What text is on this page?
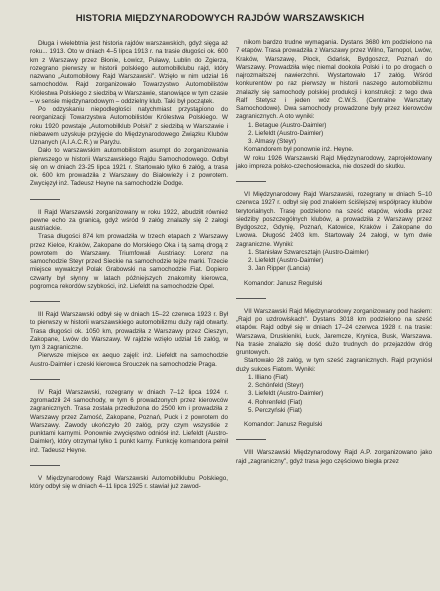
HISTORIA MIĘDZYNARODOWYCH RAJDÓW WARSZAWSKICH

Długa i wielebtnia jest historia rajdów warszawskich, gdyż sięga aż roku... 1913. Oto w dniach 4–5 lipca 1913 r. na trasie długości ok. 600 km z Warszawy przez Błonie, Łowicz, Puławy, Lublin do Zgierza, rozegrano pierwszy w historii polskiego automobilklubu rajd, który nazwano „Automobilowy Rajd Warszawski". Wzięło w nim udział 16 samochodów. Rajd zorganizowało Towarzystwo Automobilistów Królestwa Polskiego z siedzibą w Warszawie, stanowiące w tym czasie – w sensie międzynarodowym – oddzielny klub. Taki był początek.

Po odzyskaniu niepodległości natychmiast przystąpiono do reorganizacji Towarzystwa Automobilistów Królestwa Polskiego. W roku 1920 powstaje „Automobilklub Polski" z siedzibą w Warszawie i niebawem uzyskuje przyjęcie do Międzynarodowego Związku Klubów Uznanych (A.I.A.C.R.) w Paryżu.

Dało to warszawskim automobilistom asumpt do zorganizowania pierwszego w historii Warszawskiego Rajdu Samochodowego. Odbył się on w dniach 23-25 lipca 1921 r. Startowało tylko 6 załóg, a trasa ok. 600 km prowadziła z Warszawy do Białowieży i z powrotem. Zwycięzył inż. Tadeusz Heyne na samochodzie Dodge.

II Rajd Warszawski zorganizowany w roku 1922, abudziłt również pewne echo za granicą, gdyż wśród 9 załóg znalazły się 2 załogi austriackie.

Trasa długości 874 km prowadziła w trzech etapach z Warszawy przez Kielce, Kraków, Zakopane do Morskiego Oka i tą samą drogą z powrotem do Warszawy. Triumfowali Austriacy: Lorenz na samochodzie Steyr przed Sieckie na samochodzie tejże marki. Trzecie miejsce wywalczył Polak Grabowski na samochodzie Fiat. Dopiero czwarty był słynny w latach późniejszych znakomity kierowca, pogromca rekordów szybkości, inż. Liefeldt na samochodzie Opel.

III Rajd Warszawski odbył się w dniach 15–22 czerwca 1923 r. Był to pierwszy w historii warszawskiego automobilizmu duży rajd otwarty. Trasa długości ok. 1050 km, prowadziła z Warszawy przez Cieszyn, Zakopane, Lwów do Warszawy. W rajdzie wzięło udział 16 załóg, w tym 3 zagraniczne.

Pierwsze miejsce ex aequo zajęli: inż. Liefeldt na samochodzie Austro-Daimler i czeski kierowca Srouczek na samochodzie Praga.

IV Rajd Warszawski, rozegrany w dniach 7–12 lipca 1924 r. zgromadził 24 samochody, w tym 6 prowadzonych przez kierowców zagranicznych. Trasa została przedłużona do 2500 km i prowadziła z Warszawy przez Zamość, Zakopane, Poznań, Puck i z powrotem do Warszawy. Zawody ukończyło 20 załóg, przy czym wszystkie z punktami karnymi. Ponownie zwycięstwo odniósł inż. Liefeldt (Austro-Daimler), który otrzymał tylko 1 punkt karny. Funkcję komandora pełnił inż. Tadeusz Heyne.

V Międzynarodowy Rajd Warszawski Automobilklubu Polskiego, który odbył się w dniach 4–11 lipca 1925 r. stawiał już zawod-

nikom bardzo trudne wymagania. Dystans 3680 km podzielono na 7 etapów. Trasa prowadziła z Warszawy przez Wilno, Tarnopol, Lwów, Kraków, Warszawę, Płock, Gdańsk, Bydgoszcz, Poznań do Warszawy. Prowadziła więc niemal dookoła Polski i to po drogach o najrozmaitszej nawierzchni. Wystartowało 17 załóg. Wśród konkurentów po raz pierwszy w historii naszego automobilizmu znalazły się samochody polskiej produkcji i konstrukcji: z tego dwa Ralf Stetysz i jeden wóz C.W.S. (Centralne Warsztaty Samochodowe). Dwa samochody prowadzone były przez kierowców zagranicznych. A oto wyniki:

1. Betague (Austro-Daimler)
2. Liefeldt (Austro-Daimler)
3. Almasy (Steyr)

Komandorem był ponownie inż. Heyne.

W roku 1926 Warszawski Rajd Międzynarodowy, zaprojektowany jako impreza polsko-czechosłowacka, nie doszedł do skutku.

VI Międzynarodowy Rajd Warszawski, rozegrany w dniach 5–10 czerwca 1927 r. odbył się pod znakiem ściślejszej współpracy klubów terytorialnych. Trasę podzielono na sześć etapów, wiodła przez siedziby poszczególnych klubów, a prowadziła z Warszawy przez Bydgoszcz, Gdynię, Poznań, Katowice, Kraków i Zakopane do Lwowa. Długość 2403 km. Startowały 24 załogi, w tym dwie zagraniczne. Wyniki:

1. Stanisław Szwarcsztajn (Austro-Daimler)
2. Liefeldt (Austro-Daimler)
3. Jan Ripper (Lancia)

Komandor: Janusz Regulski

VII Warszawski Rajd Międzynarodowy zorganizowany pod hasłem: „Rajd po uzdrowiskach". Dystans 3018 km podzielono na sześć etapów. Rajd odbył się w dniach 17–24 czerwca 1928 r. na trasie: Warszawa, Druskieniki, Łuck, Jaremcze, Krynica, Busk, Warszawa. Na trasie znalazło się dość dużo trudnych do przejazdów dróg gruntowych.

Startowało 28 załóg, w tym sześć zagranicznych. Rajd przyniósł duży sukces Fiatom. Wyniki:

1. Illiano (Fiat)
2. Schönfeld (Steyr)
3. Liefeldt (Austro-Daimler)
4. Rohrenfeld (Fiat)
5. Perczyński (Fiat)

Komandor: Janusz Regulski

VIII Warszawski Międzynarodowy Rajd A.P. zorganizowano jako rajd „zagraniczny", gdyż trasa jego częściowo biegła przez
